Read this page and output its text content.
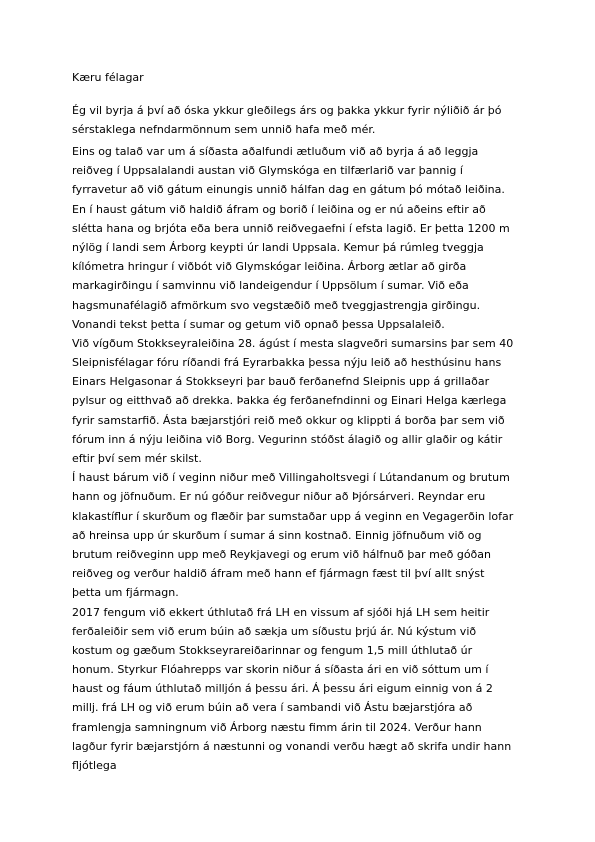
Kæru félagar
Ég vil byrja á því að óska ykkur gleðilegs árs og þakka ykkur fyrir nýliðið ár þó
sérstaklega nefndarmönnum sem unnið hafa með mér.
Eins og talað var um á síðasta aðalfundi ætluðum við að byrja á að leggja
reiðveg í Uppsalalandi austan við Glymskóga en tilfærlarið var þannig í
fyrravetur að við gátum einungis unnið hálfan dag en gátum þó mótað leiðina.
En í haust gátum við haldið áfram og borið í leiðina og er nú aðeins eftir að
slétta hana og brjóta eða bera unnið reiðvegaefni í efsta lagið. Er þetta 1200 m
nýlög í landi sem Árborg keypti úr landi Uppsala. Kemur þá rúmleg tveggja
kílómetra hringur í viðbót við Glymskógar leiðina. Árborg ætlar að girða
markagirðingu í samvinnu við landeigendur í Uppsölum í sumar. Við eða
hagsmunafélagið afmörkum svo vegstæðið með tveggjastrengja girðingu.
Vonandi tekst þetta í sumar og getum við opnað þessa Uppsalaleið.
Við vígðum Stokkseyraleiðina 28. ágúst í mesta slagveðri sumarsins þar sem 40
Sleipnisfélagar fóru ríðandi frá Eyrarbakka þessa nýju leið að hesthúsinu hans
Einars Helgasonar á Stokkseyri þar bauð ferðanefnd Sleipnis upp á grillaðar
pylsur og eitthvað að drekka. Þakka ég ferðanefndinni og Einari Helga kærlega
fyrir samstarfið. Ásta bæjarstjóri reið með okkur og klippti á borða þar sem við
fórum inn á nýju leiðina við Borg. Vegurinn stóðst álagið og allir glaðir og kátir
eftir því sem mér skilst.
Í haust bárum við í veginn niður með Villingaholtsvegi í Lútandanum og brutum
hann og jöfnuðum. Er nú góður reiðvegur niður að Þjórsárveri. Reyndar eru
klakastíflur í skurðum og flæðir þar sumstaðar upp á veginn en Vegagerðin lofar
að hreinsa upp úr skurðum í sumar á sinn kostnað. Einnig jöfnuðum við og
brutum reiðveginn upp með Reykjavegi og erum við hálfnuð þar með góðan
reiðveg og verður haldið áfram með hann ef fjármagn fæst til því allt snýst
þetta um fjármagn.
2017 fengum við ekkert úthlutað frá LH en vissum af sjóði hjá LH sem heitir
ferðaleiðir sem við erum búin að sækja um síðustu þrjú ár. Nú kýstum við
kostum og gæðum Stokkseyrareiðarinnar og fengum 1,5 mill úthlutað úr
honum. Styrkur Flóahrepps var skorin niður á síðasta ári en við sóttum um í
haust og fáum úthlutað milljón á þessu ári. Á þessu ári eigum einnig von á 2
millj. frá LH og við erum búin að vera í sambandi við Ástu bæjarstjóra að
framlengja samningnum við Árborg næstu fimm árin til 2024. Verður hann
lagður fyrir bæjarstjórn á næstunni og vonandi verðu hægt að skrifa undir hann
fljótlega
